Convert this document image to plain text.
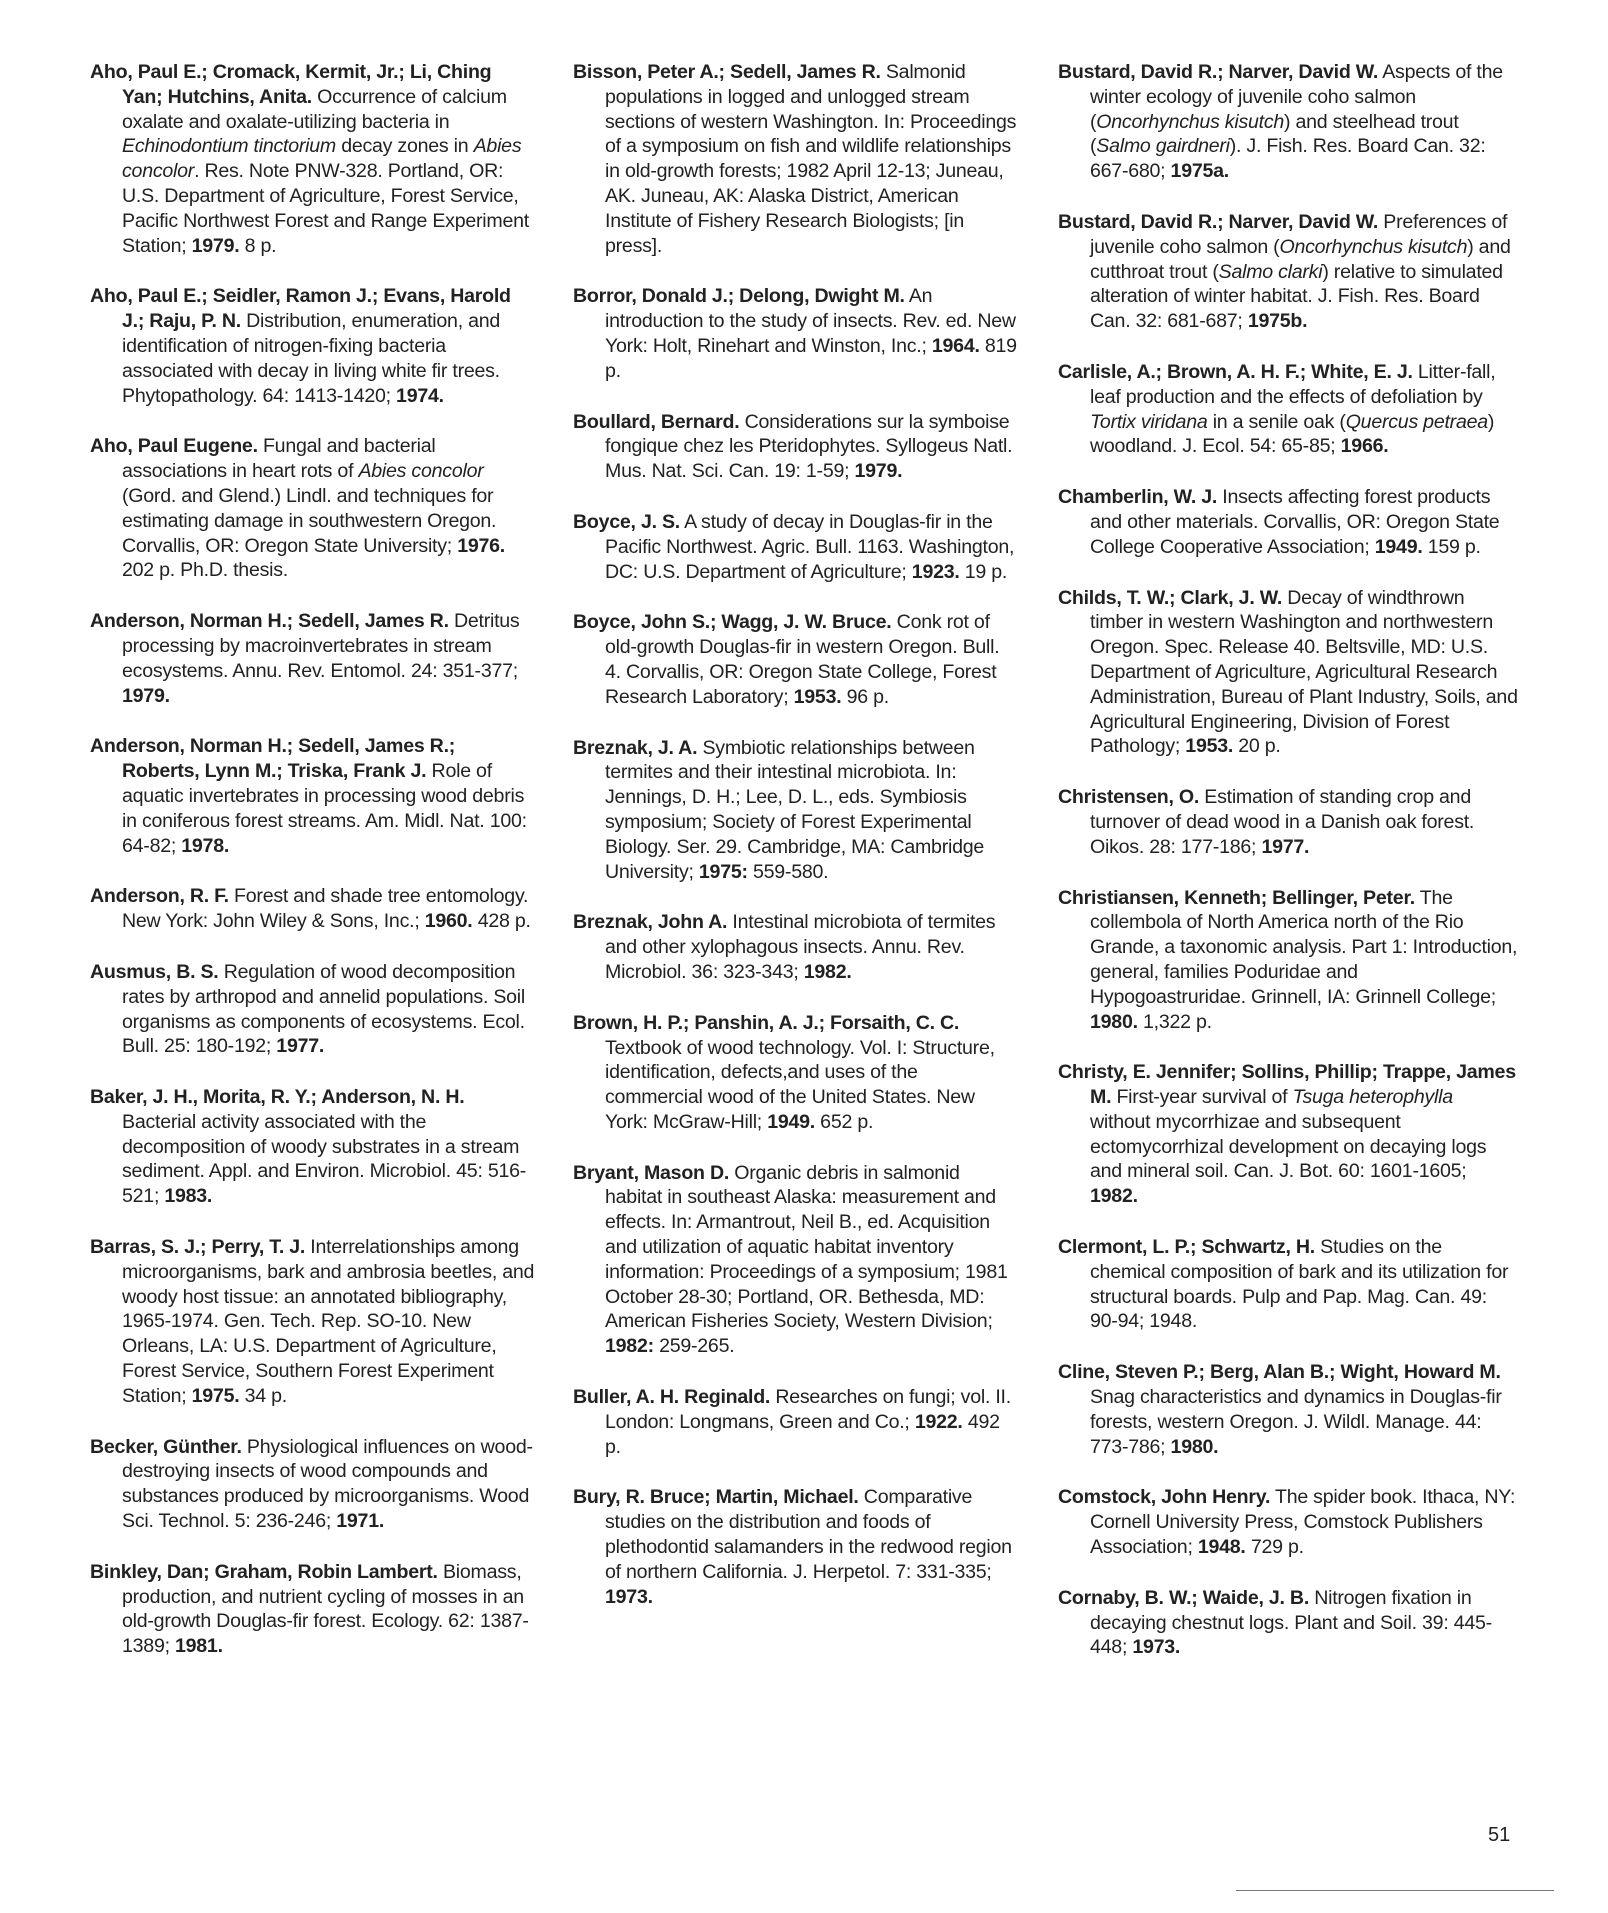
Aho, Paul E.; Cromack, Kermit, Jr.; Li, Ching Yan; Hutchins, Anita. Occurrence of calcium oxalate and oxalate-utilizing bacteria in Echinodontium tinctorium decay zones in Abies concolor. Res. Note PNW-328. Portland, OR: U.S. Department of Agriculture, Forest Service, Pacific Northwest Forest and Range Experiment Station; 1979. 8 p.
Aho, Paul E.; Seidler, Ramon J.; Evans, Harold J.; Raju, P. N. Distribution, enumeration, and identification of nitrogen-fixing bacteria associated with decay in living white fir trees. Phytopathology. 64: 1413-1420; 1974.
Aho, Paul Eugene. Fungal and bacterial associations in heart rots of Abies concolor (Gord. and Glend.) Lindl. and techniques for estimating damage in southwestern Oregon. Corvallis, OR: Oregon State University; 1976. 202 p. Ph.D. thesis.
Anderson, Norman H.; Sedell, James R. Detritus processing by macroinvertebrates in stream ecosystems. Annu. Rev. Entomol. 24: 351-377; 1979.
Anderson, Norman H.; Sedell, James R.; Roberts, Lynn M.; Triska, Frank J. Role of aquatic invertebrates in processing wood debris in coniferous forest streams. Am. Midl. Nat. 100: 64-82; 1978.
Anderson, R. F. Forest and shade tree entomology. New York: John Wiley & Sons, Inc.; 1960. 428 p.
Ausmus, B. S. Regulation of wood decomposition rates by arthropod and annelid populations. Soil organisms as components of ecosystems. Ecol. Bull. 25: 180-192; 1977.
Baker, J. H., Morita, R. Y.; Anderson, N. H. Bacterial activity associated with the decomposition of woody substrates in a stream sediment. Appl. and Environ. Microbiol. 45: 516-521; 1983.
Barras, S. J.; Perry, T. J. Interrelationships among microorganisms, bark and ambrosia beetles, and woody host tissue: an annotated bibliography, 1965-1974. Gen. Tech. Rep. SO-10. New Orleans, LA: U.S. Department of Agriculture, Forest Service, Southern Forest Experiment Station; 1975. 34 p.
Becker, Günther. Physiological influences on wood-destroying insects of wood compounds and substances produced by microorganisms. Wood Sci. Technol. 5: 236-246; 1971.
Binkley, Dan; Graham, Robin Lambert. Biomass, production, and nutrient cycling of mosses in an old-growth Douglas-fir forest. Ecology. 62: 1387-1389; 1981.
Bisson, Peter A.; Sedell, James R. Salmonid populations in logged and unlogged stream sections of western Washington. In: Proceedings of a symposium on fish and wildlife relationships in old-growth forests; 1982 April 12-13; Juneau, AK. Juneau, AK: Alaska District, American Institute of Fishery Research Biologists; [in press].
Borror, Donald J.; Delong, Dwight M. An introduction to the study of insects. Rev. ed. New York: Holt, Rinehart and Winston, Inc.; 1964. 819 p.
Boullard, Bernard. Considerations sur la symboise fongique chez les Pteridophytes. Syllogeus Natl. Mus. Nat. Sci. Can. 19: 1-59; 1979.
Boyce, J. S. A study of decay in Douglas-fir in the Pacific Northwest. Agric. Bull. 1163. Washington, DC: U.S. Department of Agriculture; 1923. 19 p.
Boyce, John S.; Wagg, J. W. Bruce. Conk rot of old-growth Douglas-fir in western Oregon. Bull. 4. Corvallis, OR: Oregon State College, Forest Research Laboratory; 1953. 96 p.
Breznak, J. A. Symbiotic relationships between termites and their intestinal microbiota. In: Jennings, D. H.; Lee, D. L., eds. Symbiosis symposium; Society of Forest Experimental Biology. Ser. 29. Cambridge, MA: Cambridge University; 1975: 559-580.
Breznak, John A. Intestinal microbiota of termites and other xylophagous insects. Annu. Rev. Microbiol. 36: 323-343; 1982.
Brown, H. P.; Panshin, A. J.; Forsaith, C. C. Textbook of wood technology. Vol. I: Structure, identification, defects,and uses of the commercial wood of the United States. New York: McGraw-Hill; 1949. 652 p.
Bryant, Mason D. Organic debris in salmonid habitat in southeast Alaska: measurement and effects. In: Armantrout, Neil B., ed. Acquisition and utilization of aquatic habitat inventory information: Proceedings of a symposium; 1981 October 28-30; Portland, OR. Bethesda, MD: American Fisheries Society, Western Division; 1982: 259-265.
Buller, A. H. Reginald. Researches on fungi; vol. II. London: Longmans, Green and Co.; 1922. 492 p.
Bury, R. Bruce; Martin, Michael. Comparative studies on the distribution and foods of plethodontid salamanders in the redwood region of northern California. J. Herpetol. 7: 331-335; 1973.
Bustard, David R.; Narver, David W. Aspects of the winter ecology of juvenile coho salmon (Oncorhynchus kisutch) and steelhead trout (Salmo gairdneri). J. Fish. Res. Board Can. 32: 667-680; 1975a.
Bustard, David R.; Narver, David W. Preferences of juvenile coho salmon (Oncorhynchus kisutch) and cutthroat trout (Salmo clarki) relative to simulated alteration of winter habitat. J. Fish. Res. Board Can. 32: 681-687; 1975b.
Carlisle, A.; Brown, A. H. F.; White, E. J. Litter-fall, leaf production and the effects of defoliation by Tortix viridana in a senile oak (Quercus petraea) woodland. J. Ecol. 54: 65-85; 1966.
Chamberlin, W. J. Insects affecting forest products and other materials. Corvallis, OR: Oregon State College Cooperative Association; 1949. 159 p.
Childs, T. W.; Clark, J. W. Decay of windthrown timber in western Washington and northwestern Oregon. Spec. Release 40. Beltsville, MD: U.S. Department of Agriculture, Agricultural Research Administration, Bureau of Plant Industry, Soils, and Agricultural Engineering, Division of Forest Pathology; 1953. 20 p.
Christensen, O. Estimation of standing crop and turnover of dead wood in a Danish oak forest. Oikos. 28: 177-186; 1977.
Christiansen, Kenneth; Bellinger, Peter. The collembola of North America north of the Rio Grande, a taxonomic analysis. Part 1: Introduction, general, families Poduridae and Hypogoastruridae. Grinnell, IA: Grinnell College; 1980. 1,322 p.
Christy, E. Jennifer; Sollins, Phillip; Trappe, James M. First-year survival of Tsuga heterophylla without mycorrhizae and subsequent ectomycorrhizal development on decaying logs and mineral soil. Can. J. Bot. 60: 1601-1605; 1982.
Clermont, L. P.; Schwartz, H. Studies on the chemical composition of bark and its utilization for structural boards. Pulp and Pap. Mag. Can. 49: 90-94; 1948.
Cline, Steven P.; Berg, Alan B.; Wight, Howard M. Snag characteristics and dynamics in Douglas-fir forests, western Oregon. J. Wildl. Manage. 44: 773-786; 1980.
Comstock, John Henry. The spider book. Ithaca, NY: Cornell University Press, Comstock Publishers Association; 1948. 729 p.
Cornaby, B. W.; Waide, J. B. Nitrogen fixation in decaying chestnut logs. Plant and Soil. 39: 445-448; 1973.
51
